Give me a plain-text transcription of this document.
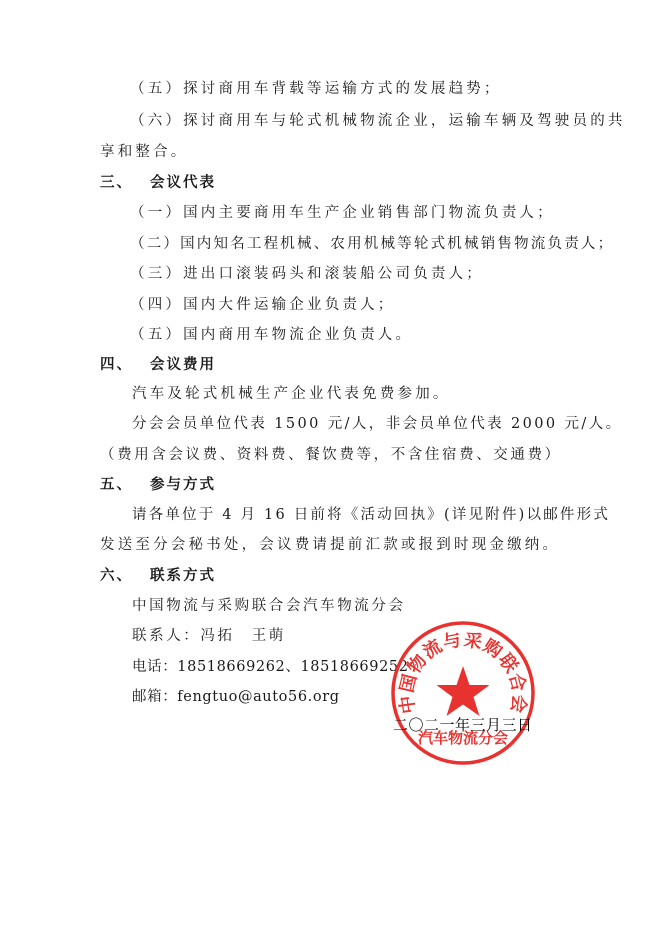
（五）探讨商用车背载等运输方式的发展趋势；
（六）探讨商用车与轮式机械物流企业，运输车辆及驾驶员的共
享和整合。
三、 会议代表
（一）国内主要商用车生产企业销售部门物流负责人；
（二）国内知名工程机械、农用机械等轮式机械销售物流负责人；
（三）进出口滚装码头和滚装船公司负责人；
（四）国内大件运输企业负责人；
（五）国内商用车物流企业负责人。
四、 会议费用
汽车及轮式机械生产企业代表免费参加。
分会会员单位代表 1500 元/人，非会员单位代表 2000 元/人。
（费用含会议费、资料费、餐饮费等，不含住宿费、交通费）
五、 参与方式
请各单位于 4 月 16 日前将《活动回执》(详见附件)以邮件形式
发送至分会秘书处，会议费请提前汇款或报到时现金缴纳。
六、 联系方式
中国物流与采购联合会汽车物流分会
联系人：冯拓　王萌
电话：18518669262、18518669252
邮箱：fengtuo@auto56.org	中国物流与采购联合会
汽车物流分会
二〇二一年三月三日
